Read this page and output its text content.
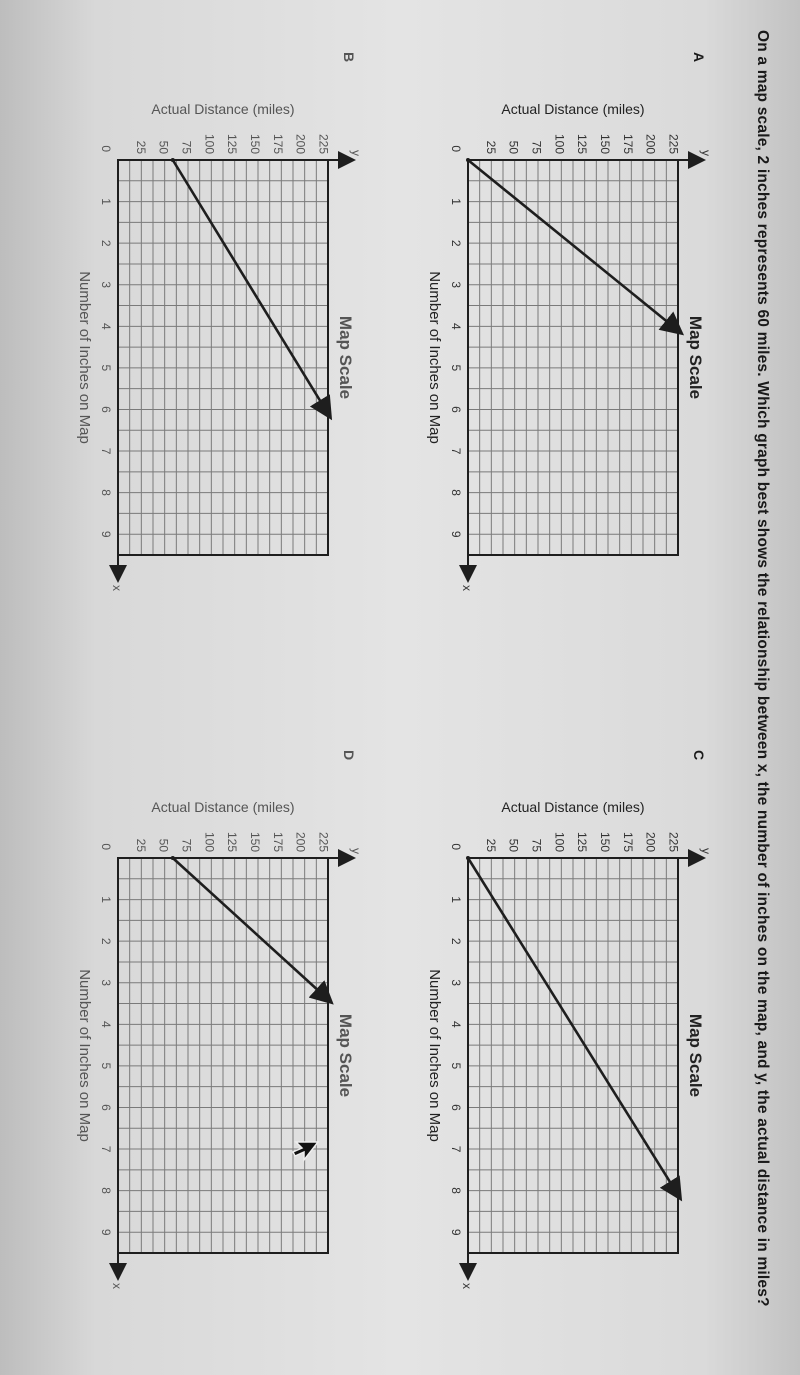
On a map scale, 2 inches represents 60 miles. Which graph best shows the relationship between x, the number of inches on the map, and y, the actual distance in miles?
A
Map Scale
x
y
0
1
2
3
4
5
6
7
8
9
25 50 75 100 125 150 175 200 225
Number of Inches on Map
Actual Distance (miles)
B
Map Scale
x
y
0
1
2
3
4
5
6
7
8
9
25 50 75 100 125 150 175 200 225
Number of Inches on Map
Actual Distance (miles)
C
Map Scale
x
y
0
1
2
3
4
5
6
7
8
9
25 50 75 100 125 150 175 200 225
Number of Inches on Map
Actual Distance (miles)
D
Map Scale
x
y
0
1
2
3
4
5
6
7
8
9
25 50 75 100 125 150 175 200 225
Number of Inches on Map
Actual Distance (miles)
